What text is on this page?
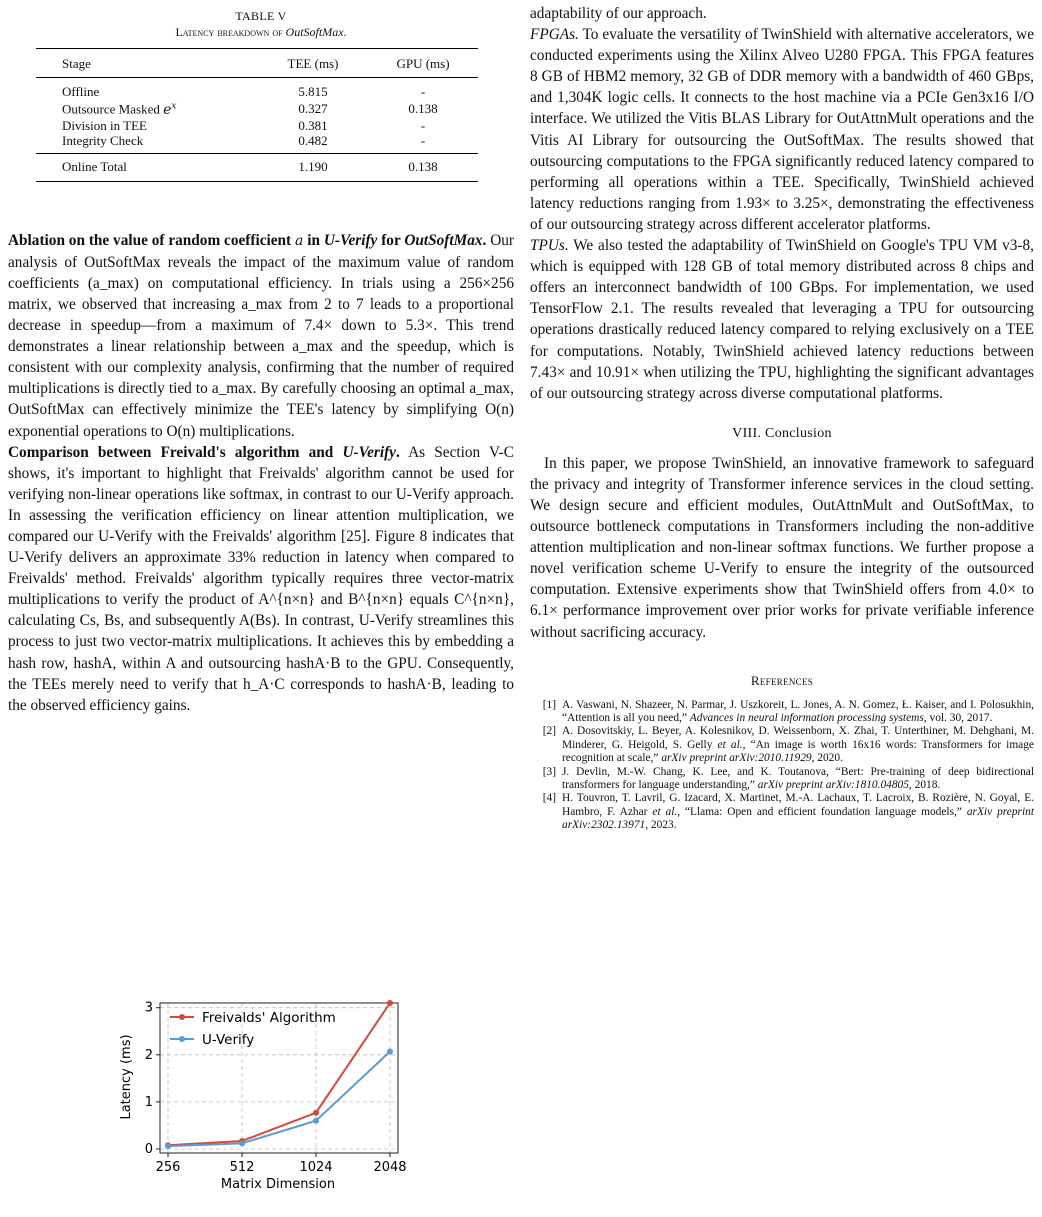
TABLE V
Latency breakdown of OutSoftMax.
Stage	TEE (ms)	GPU (ms)
Offline	5.815	-
Outsource Masked $e^x$	0.327	0.138
Division in TEE	0.381	-
Integrity Check	0.482	-
Online Total	1.190	0.138

Ablation on the value of random coefficient a in U-Verify for OutSoftMax. Our analysis of OutSoftMax reveals the impact of the maximum value of random coefficients (a_max) on computational efficiency. In trials using a 256×256 matrix, we observed that increasing a_max from 2 to 7 leads to a proportional decrease in speedup—from a maximum of 7.4× down to 5.3×. This trend demonstrates a linear relationship between a_max and the speedup, which is consistent with our complexity analysis, confirming that the number of required multiplications is directly tied to a_max. By carefully choosing an optimal a_max, OutSoftMax can effectively minimize the TEE's latency by simplifying O(n) exponential operations to O(n) multiplications.

Comparison between Freivald's algorithm and U-Verify. As Section V-C shows, it's important to highlight that Freivalds' algorithm cannot be used for verifying non-linear operations like softmax, in contrast to our U-Verify approach. In assessing the verification efficiency on linear attention multiplication, we compared our U-Verify with the Freivalds' algorithm [25]. Figure 8 indicates that U-Verify delivers an approximate 33% reduction in latency when compared to Freivalds' method. Freivalds' algorithm typically requires three vector-matrix multiplications to verify the product of A^{n×n} and B^{n×n} equals C^{n×n}, calculating Cs, Bs, and subsequently A(Bs). In contrast, U-Verify streamlines this process to just two vector-matrix multiplications. It achieves this by embedding a hash row, hashA, within A and outsourcing hashA·B to the GPU. Consequently, the TEEs merely need to verify that h_A·C corresponds to hashA·B, leading to the observed efficiency gains.

0
1
2
3
256	512	1024	2048
Freivalds' Algorithm
U-Verify
Latency (ms)
Matrix Dimension

adaptability of our approach.

FPGAs. To evaluate the versatility of TwinShield with alternative accelerators, we conducted experiments using the Xilinx Alveo U280 FPGA. This FPGA features 8 GB of HBM2 memory, 32 GB of DDR memory with a bandwidth of 460 GBps, and 1,304K logic cells. It connects to the host machine via a PCIe Gen3x16 I/O interface. We utilized the Vitis BLAS Library for OutAttnMult operations and the Vitis AI Library for outsourcing the OutSoftMax. The results showed that outsourcing computations to the FPGA significantly reduced latency compared to performing all operations within a TEE. Specifically, TwinShield achieved latency reductions ranging from 1.93× to 3.25×, demonstrating the effectiveness of our outsourcing strategy across different accelerator platforms.

TPUs. We also tested the adaptability of TwinShield on Google's TPU VM v3-8, which is equipped with 128 GB of total memory distributed across 8 chips and offers an interconnect bandwidth of 100 GBps. For implementation, we used TensorFlow 2.1. The results revealed that leveraging a TPU for outsourcing operations drastically reduced latency compared to relying exclusively on a TEE for computations. Notably, TwinShield achieved latency reductions between 7.43× and 10.91× when utilizing the TPU, highlighting the significant advantages of our outsourcing strategy across diverse computational platforms.

VIII. Conclusion

In this paper, we propose TwinShield, an innovative framework to safeguard the privacy and integrity of Transformer inference services in the cloud setting. We design secure and efficient modules, OutAttnMult and OutSoftMax, to outsource bottleneck computations in Transformers including the non-additive attention multiplication and non-linear softmax functions. We further propose a novel verification scheme U-Verify to ensure the integrity of the outsourced computation. Extensive experiments show that TwinShield offers from 4.0× to 6.1× performance improvement over prior works for private verifiable inference without sacrificing accuracy.

References

[1] A. Vaswani, N. Shazeer, N. Parmar, J. Uszkoreit, L. Jones, A. N. Gomez, Ł. Kaiser, and I. Polosukhin, “Attention is all you need,” Advances in neural information processing systems, vol. 30, 2017.
[2] A. Dosovitskiy, L. Beyer, A. Kolesnikov, D. Weissenborn, X. Zhai, T. Unterthiner, M. Dehghani, M. Minderer, G. Heigold, S. Gelly et al., “An image is worth 16x16 words: Transformers for image recognition at scale,” arXiv preprint arXiv:2010.11929, 2020.
[3] J. Devlin, M.-W. Chang, K. Lee, and K. Toutanova, “Bert: Pre-training of deep bidirectional transformers for language understanding,” arXiv preprint arXiv:1810.04805, 2018.
[4] H. Touvron, T. Lavril, G. Izacard, X. Martinet, M.-A. Lachaux, T. Lacroix, B. Rozière, N. Goyal, E. Hambro, F. Azhar et al., “Llama: Open and efficient foundation language models,” arXiv preprint arXiv:2302.13971, 2023.
